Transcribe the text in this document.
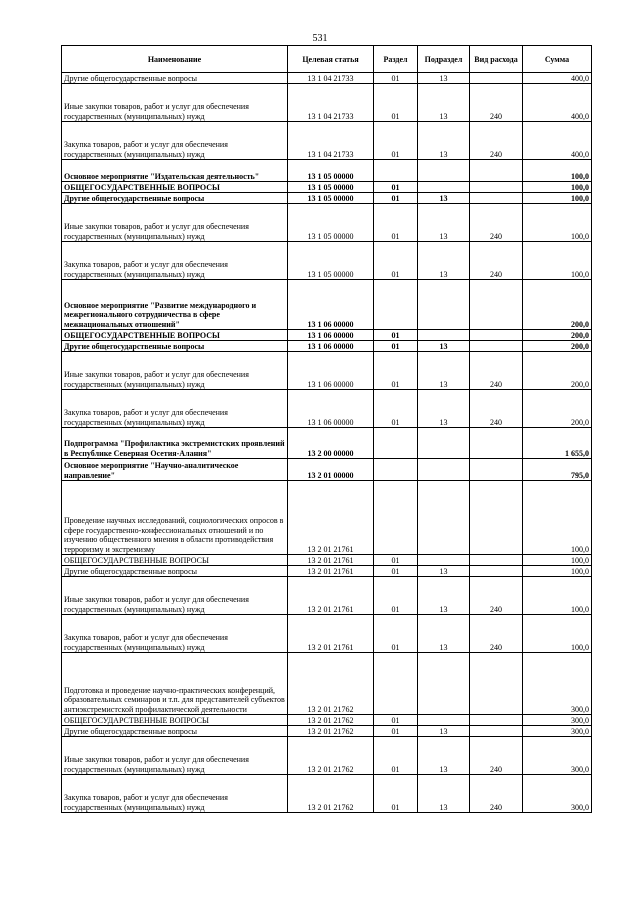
531
Наименование	Целевая статья	Раздел	Подраздел	Вид расхода	Сумма
Другие общегосударственные вопросы	13 1 04 21733	01	13		400,0
Иные закупки товаров, работ и услуг для обеспечения государственных (муниципальных) нужд	13 1 04 21733	01	13	240	400,0
Закупка товаров, работ и услуг для обеспечения государственных (муниципальных) нужд	13 1 04 21733	01	13	240	400,0
Основное мероприятие "Издательская деятельность"	13 1 05 00000				100,0
ОБЩЕГОСУДАРСТВЕННЫЕ ВОПРОСЫ	13 1 05 00000	01			100,0
Другие общегосударственные вопросы	13 1 05 00000	01	13		100,0
Иные закупки товаров, работ и услуг для обеспечения государственных (муниципальных) нужд	13 1 05 00000	01	13	240	100,0
Закупка товаров, работ и услуг для обеспечения государственных (муниципальных) нужд	13 1 05 00000	01	13	240	100,0
Основное мероприятие "Развитие международного и межрегионального сотрудничества в сфере межнациональных отношений"	13 1 06 00000				200,0
ОБЩЕГОСУДАРСТВЕННЫЕ ВОПРОСЫ	13 1 06 00000	01			200,0
Другие общегосударственные вопросы	13 1 06 00000	01	13		200,0
Иные закупки товаров, работ и услуг для обеспечения государственных (муниципальных) нужд	13 1 06 00000	01	13	240	200,0
Закупка товаров, работ и услуг для обеспечения государственных (муниципальных) нужд	13 1 06 00000	01	13	240	200,0
Подпрограмма "Профилактика экстремистских проявлений в Республике Северная Осетия-Алания"	13 2 00 00000				1 655,0
Основное мероприятие "Научно-аналитическое направление"	13 2 01 00000				795,0
Проведение научных исследований, социологических опросов в сфере государственно-конфессиональных отношений и по изучению общественного мнения в области противодействия терроризму и экстремизму	13 2 01 21761				100,0
ОБЩЕГОСУДАРСТВЕННЫЕ ВОПРОСЫ	13 2 01 21761	01			100,0
Другие общегосударственные вопросы	13 2 01 21761	01	13		100,0
Иные закупки товаров, работ и услуг для обеспечения государственных (муниципальных) нужд	13 2 01 21761	01	13	240	100,0
Закупка товаров, работ и услуг для обеспечения государственных (муниципальных) нужд	13 2 01 21761	01	13	240	100,0
Подготовка и проведение научно-практических конференций, образовательных семинаров и т.п. для представителей субъектов антиэкстремистской профилактической деятельности	13 2 01 21762				300,0
ОБЩЕГОСУДАРСТВЕННЫЕ ВОПРОСЫ	13 2 01 21762	01			300,0
Другие общегосударственные вопросы	13 2 01 21762	01	13		300,0
Иные закупки товаров, работ и услуг для обеспечения государственных (муниципальных) нужд	13 2 01 21762	01	13	240	300,0
Закупка товаров, работ и услуг для обеспечения государственных (муниципальных) нужд	13 2 01 21762	01	13	240	300,0
